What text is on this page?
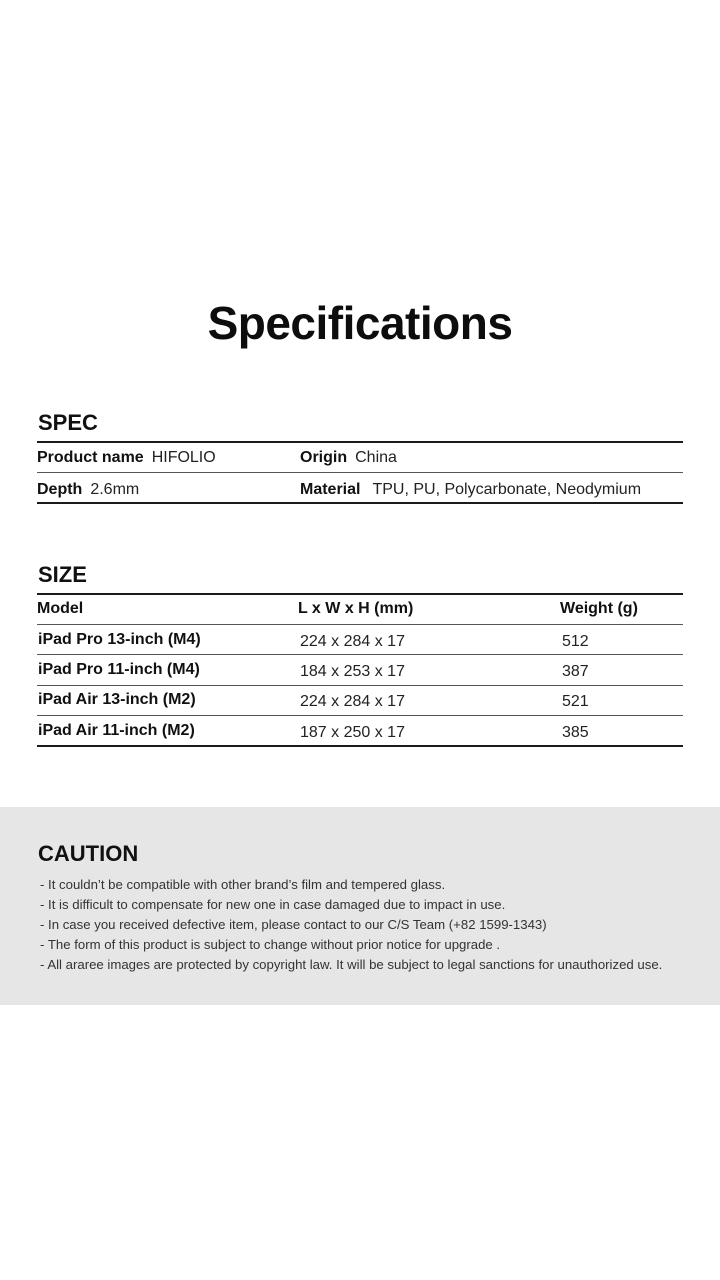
Specifications
SPEC
Product name HIFOLIO	Origin China
Depth 2.6mm	Material TPU, PU, Polycarbonate, Neodymium
SIZE
Model	L x W x H (mm)	Weight (g)
iPad Pro 13-inch (M4)	224 x 284 x 17	512
iPad Pro 11-inch (M4)	184 x 253 x 17	387
iPad Air 13-inch (M2)	224 x 284 x 17	521
iPad Air 11-inch (M2)	187 x 250 x 17	385
CAUTION
- It couldn’t be compatible with other brand’s film and tempered glass.
- It is difficult to compensate for new one in case damaged due to impact in use.
- In case you received defective item, please contact to our C/S Team (+82 1599-1343)
- The form of this product is subject to change without prior notice for upgrade .
- All araree images are protected by copyright law. It will be subject to legal sanctions for unauthorized use.
